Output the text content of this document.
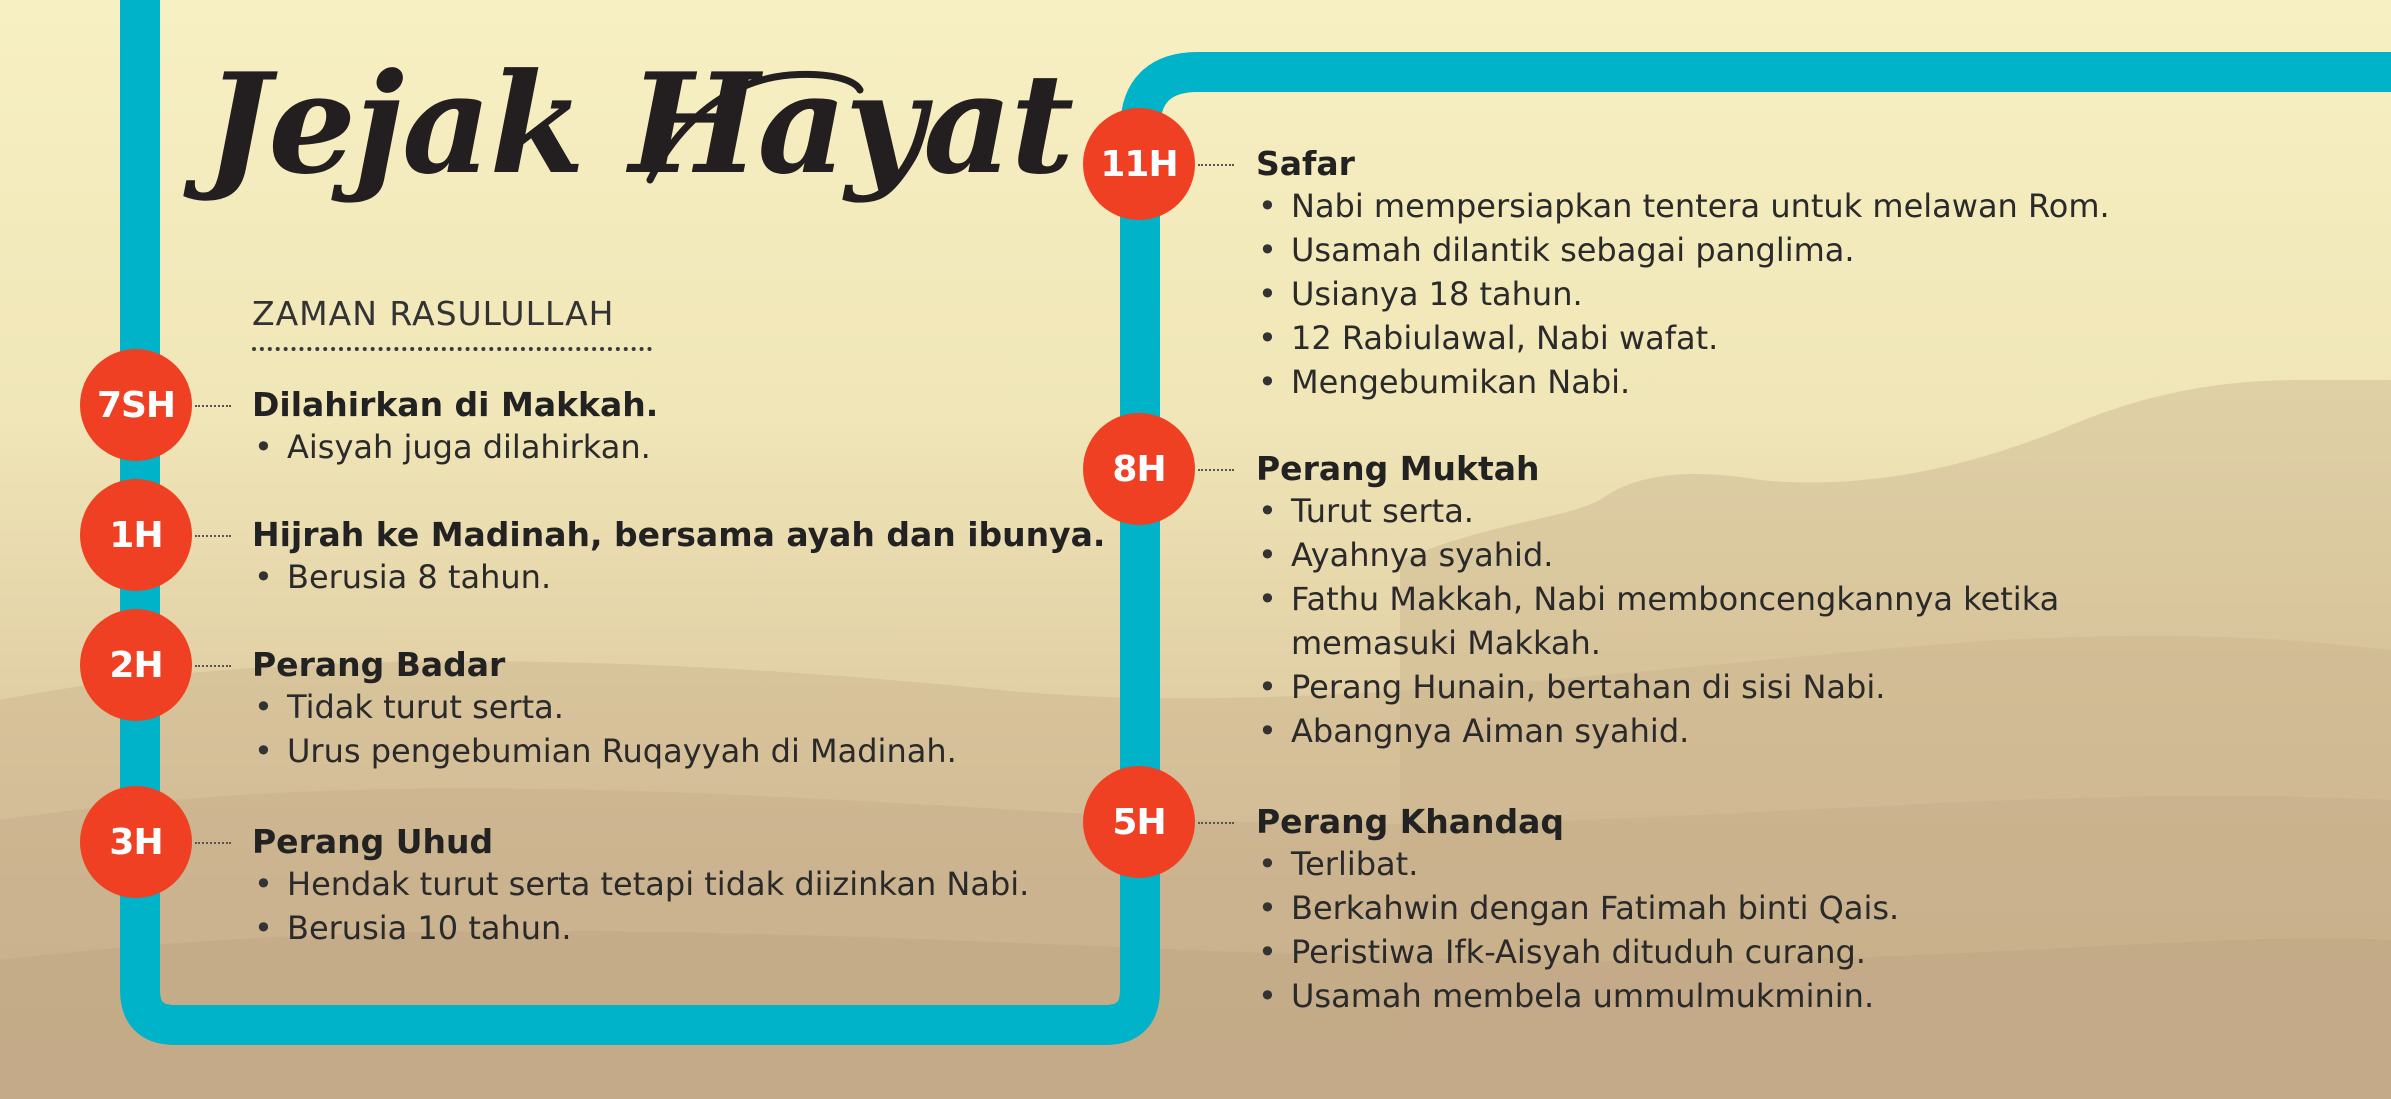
Jejak Hayat
ZAMAN RASULULLAH
7SH	Dilahirkan di Makkah.
• Aisyah juga dilahirkan.
1H	Hijrah ke Madinah, bersama ayah dan ibunya.
• Berusia 8 tahun.
2H	Perang Badar
• Tidak turut serta.
• Urus pengebumian Ruqayyah di Madinah.
3H	Perang Uhud
• Hendak turut serta tetapi tidak diizinkan Nabi.
• Berusia 10 tahun.
11H	Safar
• Nabi mempersiapkan tentera untuk melawan Rom.
• Usamah dilantik sebagai panglima.
• Usianya 18 tahun.
• 12 Rabiulawal, Nabi wafat.
• Mengebumikan Nabi.
8H	Perang Muktah
• Turut serta.
• Ayahnya syahid.
• Fathu Makkah, Nabi memboncengkannya ketika
memasuki Makkah.
• Perang Hunain, bertahan di sisi Nabi.
• Abangnya Aiman syahid.
5H	Perang Khandaq
• Terlibat.
• Berkahwin dengan Fatimah binti Qais.
• Peristiwa Ifk-Aisyah dituduh curang.
• Usamah membela ummulmukminin.
